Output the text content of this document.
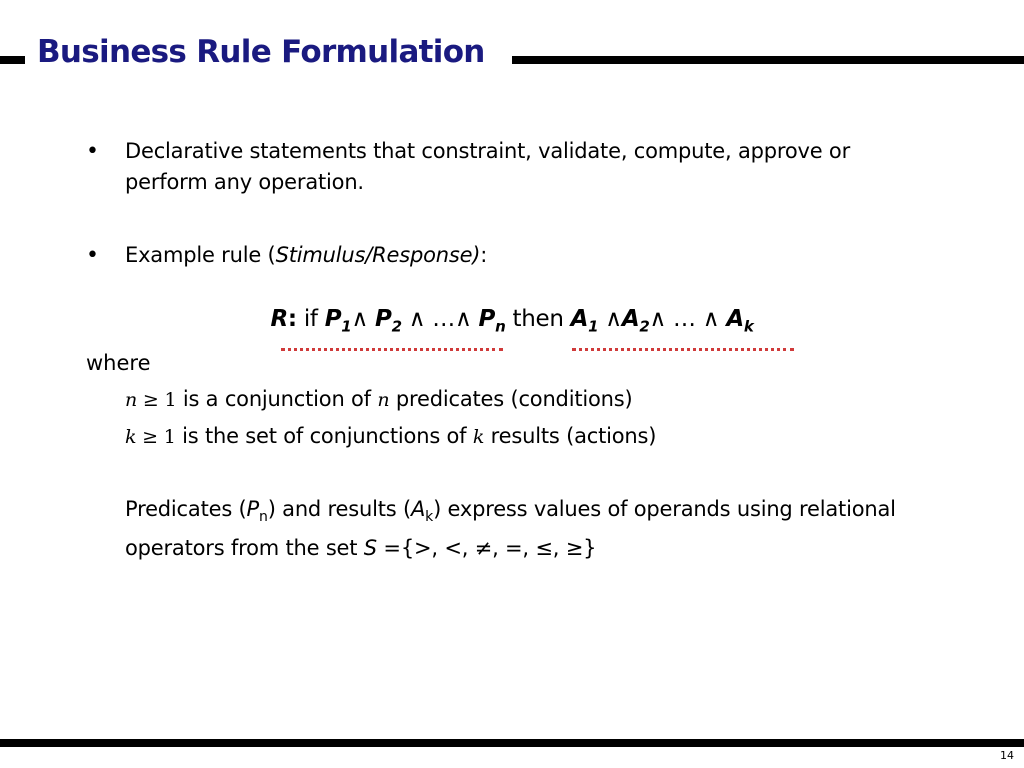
Business Rule Formulation
• Declarative statements that constraint, validate, compute, approve or perform any operation.
• Example rule (Stimulus/Response):
R: if $P_1\wedge$ $P_2$ ∧ …∧ $P_n$ then $A_1$ $\wedge A_2\wedge$ … ∧ $A_k$
where
n ≥ 1 is a conjunction of n predicates (conditions)
k ≥ 1 is the set of conjunctions of k results (actions)
Predicates $(P_n)$ and results $(A_k)$ express values of operands using relational operators from the set S ={>, <, ≠, =, ≤, ≥}
14
